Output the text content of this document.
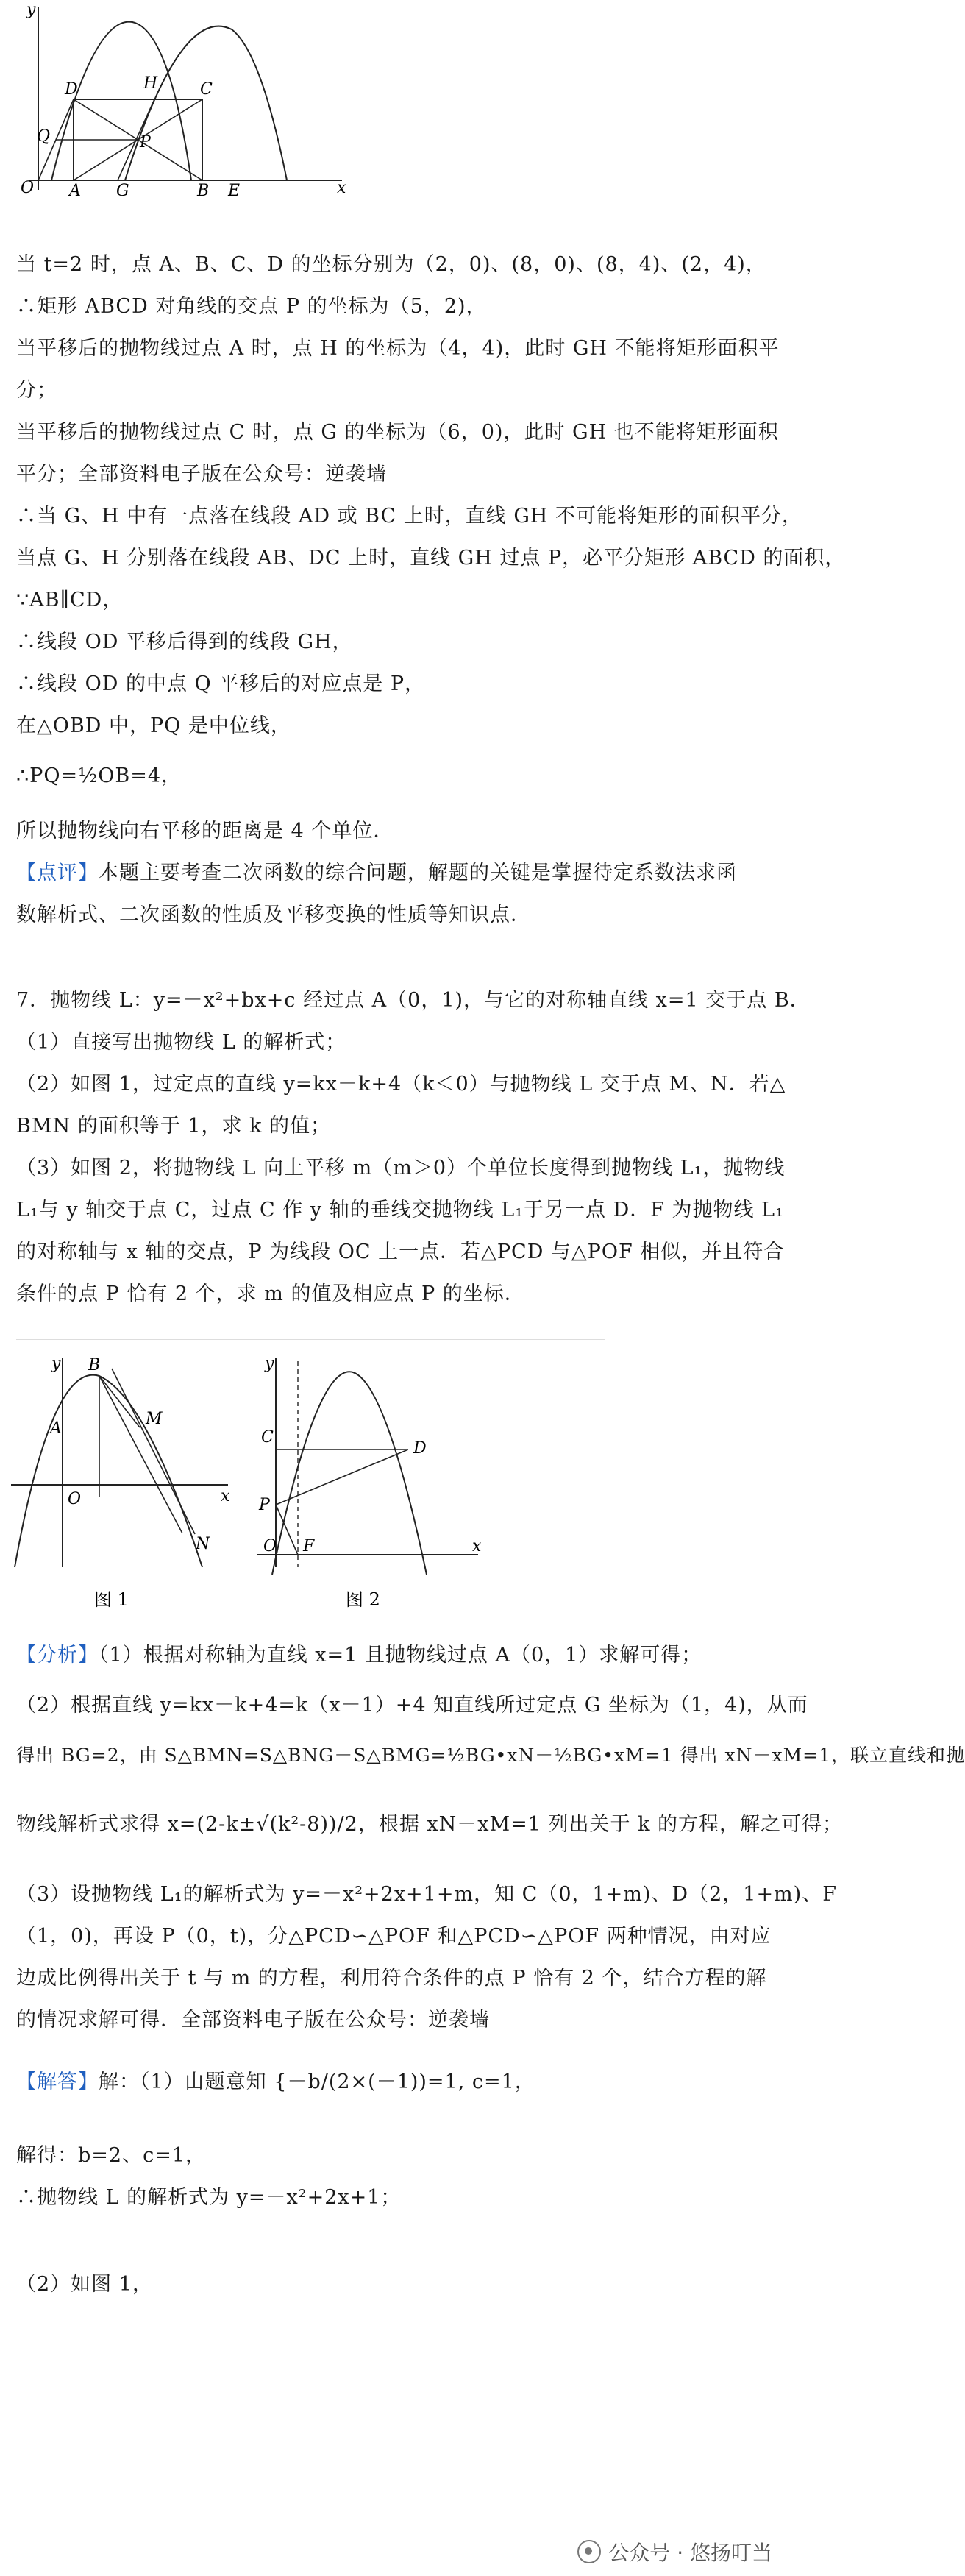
y
D	H	C
Q	P
O A G	B E	x
当 t=2 时，点 A、B、C、D 的坐标分别为（2，0)、(8，0)、(8，4)、(2，4)，
∴矩形 ABCD 对角线的交点 P 的坐标为（5，2)，
当平移后的抛物线过点 A 时，点 H 的坐标为（4，4)，此时 GH 不能将矩形面积平
分；
当平移后的抛物线过点 C 时，点 G 的坐标为（6，0)，此时 GH 也不能将矩形面积
平分；全部资料电子版在公众号：逆袭墙
∴当 G、H 中有一点落在线段 AD 或 BC 上时，直线 GH 不可能将矩形的面积平分，
当点 G、H 分别落在线段 AB、DC 上时，直线 GH 过点 P，必平分矩形 ABCD 的面积，
∵AB∥CD，
∴线段 OD 平移后得到的线段 GH，
∴线段 OD 的中点 Q 平移后的对应点是 P，
在△OBD 中，PQ 是中位线，
∴PQ=½OB=4，
所以抛物线向右平移的距离是 4 个单位．
【点评】本题主要考查二次函数的综合问题，解题的关键是掌握待定系数法求函
数解析式、二次函数的性质及平移变换的性质等知识点．
7．抛物线 L：y=－x²+bx+c 经过点 A（0，1)，与它的对称轴直线 x=1 交于点 B．
（1）直接写出抛物线 L 的解析式；
（2）如图 1，过定点的直线 y=kx－k+4（k＜0）与抛物线 L 交于点 M、N．若△
BMN 的面积等于 1，求 k 的值；
（3）如图 2，将抛物线 L 向上平移 m（m＞0）个单位长度得到抛物线 L₁，抛物线
L₁与 y 轴交于点 C，过点 C 作 y 轴的垂线交抛物线 L₁于另一点 D．F 为抛物线 L₁
的对称轴与 x 轴的交点，P 为线段 OC 上一点．若△PCD 与△POF 相似，并且符合
条件的点 P 恰有 2 个，求 m 的值及相应点 P 的坐标．
y B
M
A
O
N
x
图 1
y
C
D
P
O F	x
图 2
【分析】（1）根据对称轴为直线 x=1 且抛物线过点 A（0，1）求解可得；
（2）根据直线 y=kx－k+4=k（x－1）+4 知直线所过定点 G 坐标为（1，4)，从而
得出 BG=2，由 S△BMN=S△BNG－S△BMG=½BG•xN－½BG•xM=1 得出 xN－xM=1，联立直线和抛
物线解析式求得 x=(2-k±√(k²-8))/2，根据 xN－xM=1 列出关于 k 的方程，解之可得；
（3）设抛物线 L₁的解析式为 y=－x²+2x+1+m，知 C（0，1+m)、D（2，1+m)、F
（1，0)，再设 P（0，t)，分△PCD∽△POF 和△PCD∽△POF 两种情况，由对应
边成比例得出关于 t 与 m 的方程，利用符合条件的点 P 恰有 2 个，结合方程的解
的情况求解可得．全部资料电子版在公众号：逆袭墙
【解答】解：（1）由题意知 {－b/(2×(－1))=1, c=1，
解得：b=2、c=1，
∴抛物线 L 的解析式为 y=－x²+2x+1；
（2）如图 1，
公众号 · 悠扬叮当
